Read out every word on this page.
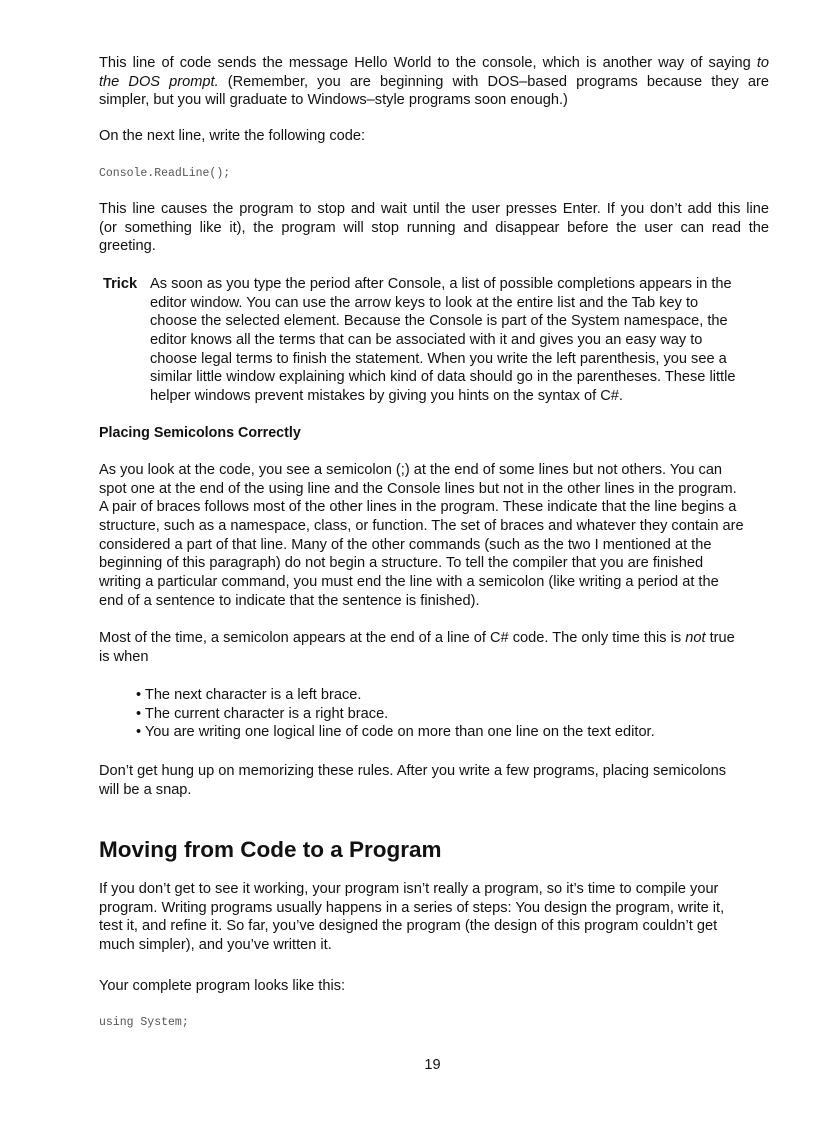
This line of code sends the message Hello World to the console, which is another way of saying to
the DOS prompt. (Remember, you are beginning with DOS–based programs because they are
simpler, but you will graduate to Windows–style programs soon enough.)
On the next line, write the following code:
Console.ReadLine();
This line causes the program to stop and wait until the user presses Enter. If you don’t add this line
(or something like it), the program will stop running and disappear before the user can read the
greeting.
Trick As soon as you type the period after Console, a list of possible completions appears in the
editor window. You can use the arrow keys to look at the entire list and the Tab key to
choose the selected element. Because the Console is part of the System namespace, the
editor knows all the terms that can be associated with it and gives you an easy way to
choose legal terms to finish the statement. When you write the left parenthesis, you see a
similar little window explaining which kind of data should go in the parentheses. These little
helper windows prevent mistakes by giving you hints on the syntax of C#.
Placing Semicolons Correctly
As you look at the code, you see a semicolon (;) at the end of some lines but not others. You can
spot one at the end of the using line and the Console lines but not in the other lines in the program.
A pair of braces follows most of the other lines in the program. These indicate that the line begins a
structure, such as a namespace, class, or function. The set of braces and whatever they contain are
considered a part of that line. Many of the other commands (such as the two I mentioned at the
beginning of this paragraph) do not begin a structure. To tell the compiler that you are finished
writing a particular command, you must end the line with a semicolon (like writing a period at the
end of a sentence to indicate that the sentence is finished).
Most of the time, a semicolon appears at the end of a line of C# code. The only time this is not true
is when
• The next character is a left brace.
• The current character is a right brace.
• You are writing one logical line of code on more than one line on the text editor.
Don’t get hung up on memorizing these rules. After you write a few programs, placing semicolons
will be a snap.
Moving from Code to a Program
If you don’t get to see it working, your program isn’t really a program, so it’s time to compile your
program. Writing programs usually happens in a series of steps: You design the program, write it,
test it, and refine it. So far, you’ve designed the program (the design of this program couldn’t get
much simpler), and you’ve written it.
Your complete program looks like this:
using System;
19
